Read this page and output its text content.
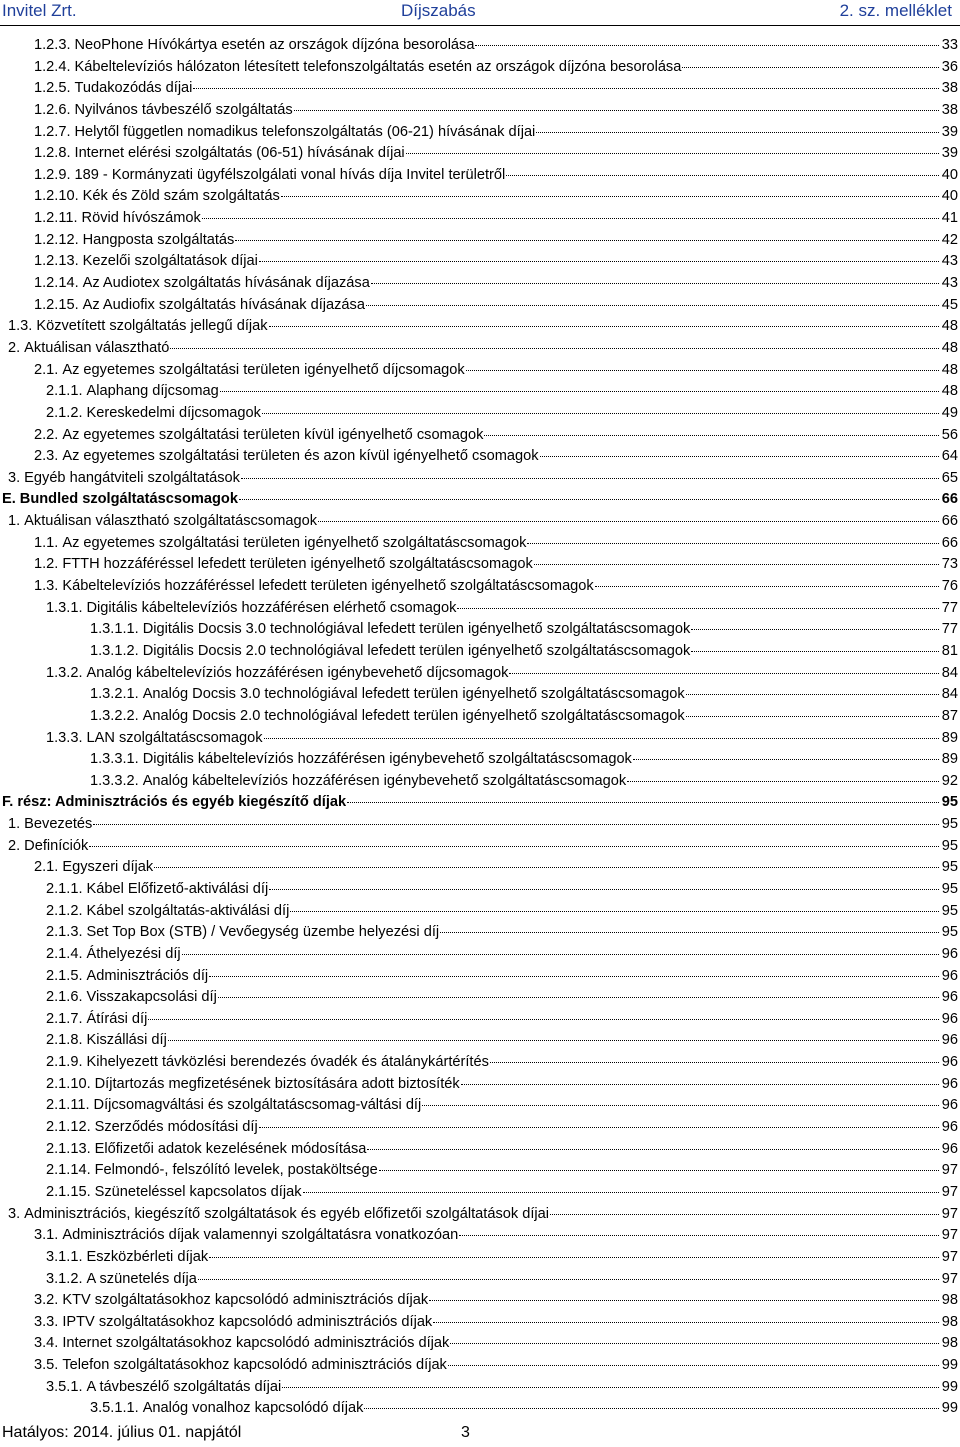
Invitel Zrt.	Díjszabás	2. sz. melléklet
1.2.3. NeoPhone Hívókártya esetén az országok díjzóna besorolása	33
1.2.4. Kábeltelevíziós hálózaton létesített telefonszolgáltatás esetén az országok díjzóna besorolása	36
1.2.5. Tudakozódás díjai	38
1.2.6. Nyilvános távbeszélő szolgáltatás	38
1.2.7. Helytől független nomadikus telefonszolgáltatás (06-21) hívásának díjai	39
1.2.8. Internet elérési szolgáltatás (06-51) hívásának díjai	39
1.2.9. 189 - Kormányzati ügyfélszolgálati vonal hívás díja Invitel területről	40
1.2.10. Kék és Zöld szám szolgáltatás	40
1.2.11. Rövid hívószámok	41
1.2.12. Hangposta szolgáltatás	42
1.2.13. Kezelői szolgáltatások díjai	43
1.2.14. Az Audiotex szolgáltatás hívásának díjazása	43
1.2.15. Az Audiofix szolgáltatás hívásának díjazása	45
1.3. Közvetített szolgáltatás jellegű díjak	48
2. Aktuálisan választható	48
2.1. Az egyetemes szolgáltatási területen igényelhető díjcsomagok	48
2.1.1. Alaphang díjcsomag	48
2.1.2. Kereskedelmi díjcsomagok	49
2.2. Az egyetemes szolgáltatási területen kívül igényelhető csomagok	56
2.3. Az egyetemes szolgáltatási területen és azon kívül igényelhető csomagok	64
3. Egyéb hangátviteli szolgáltatások	65
E. Bundled szolgáltatáscsomagok	66
1. Aktuálisan választható szolgáltatáscsomagok	66
1.1. Az egyetemes szolgáltatási területen igényelhető szolgáltatáscsomagok	66
1.2. FTTH hozzáféréssel lefedett területen igényelhető szolgáltatáscsomagok	73
1.3. Kábeltelevíziós hozzáféréssel lefedett területen igényelhető szolgáltatáscsomagok	76
1.3.1. Digitális kábeltelevíziós hozzáférésen elérhető csomagok	77
1.3.1.1. Digitális Docsis 3.0 technológiával lefedett terülen igényelhető szolgáltatáscsomagok	77
1.3.1.2. Digitális Docsis 2.0 technológiával lefedett terülen igényelhető szolgáltatáscsomagok	81
1.3.2. Analóg kábeltelevíziós hozzáférésen igénybevehető díjcsomagok	84
1.3.2.1. Analóg Docsis 3.0 technológiával lefedett terülen igényelhető szolgáltatáscsomagok	84
1.3.2.2. Analóg Docsis 2.0 technológiával lefedett terülen igényelhető szolgáltatáscsomagok	87
1.3.3. LAN szolgáltatáscsomagok	89
1.3.3.1. Digitális kábeltelevíziós hozzáférésen igénybevehető szolgáltatáscsomagok	89
1.3.3.2. Analóg kábeltelevíziós hozzáférésen igénybevehető szolgáltatáscsomagok	92
F. rész: Adminisztrációs és egyéb kiegészítő díjak	95
1. Bevezetés	95
2. Definíciók	95
2.1. Egyszeri díjak	95
2.1.1. Kábel Előfizető-aktiválási díj	95
2.1.2. Kábel szolgáltatás-aktiválási díj	95
2.1.3. Set Top Box (STB) / Vevőegység üzembe helyezési díj	95
2.1.4. Áthelyezési díj	96
2.1.5. Adminisztrációs díj	96
2.1.6. Visszakapcsolási díj	96
2.1.7. Átírási díj	96
2.1.8. Kiszállási díj	96
2.1.9. Kihelyezett távközlési berendezés óvadék és átalánykártérítés	96
2.1.10. Díjtartozás megfizetésének biztosítására adott biztosíték	96
2.1.11. Díjcsomagváltási és szolgáltatáscsomag-váltási díj	96
2.1.12. Szerződés módosítási díj	96
2.1.13. Előfizetői adatok kezelésének módosítása	96
2.1.14. Felmondó-, felszólító levelek, postaköltsége	97
2.1.15. Szüneteléssel kapcsolatos díjak	97
3. Adminisztrációs, kiegészítő szolgáltatások és egyéb előfizetői szolgáltatások díjai	97
3.1. Adminisztrációs díjak valamennyi szolgáltatásra vonatkozóan	97
3.1.1. Eszközbérleti díjak	97
3.1.2. A szünetelés díja	97
3.2. KTV szolgáltatásokhoz kapcsolódó adminisztrációs díjak	98
3.3. IPTV szolgáltatásokhoz kapcsolódó adminisztrációs díjak	98
3.4. Internet szolgáltatásokhoz kapcsolódó adminisztrációs díjak	98
3.5. Telefon szolgáltatásokhoz kapcsolódó adminisztrációs díjak	99
3.5.1. A távbeszélő szolgáltatás díjai	99
3.5.1.1. Analóg vonalhoz kapcsolódó díjak	99
Hatályos: 2014. július 01. napjától	3
